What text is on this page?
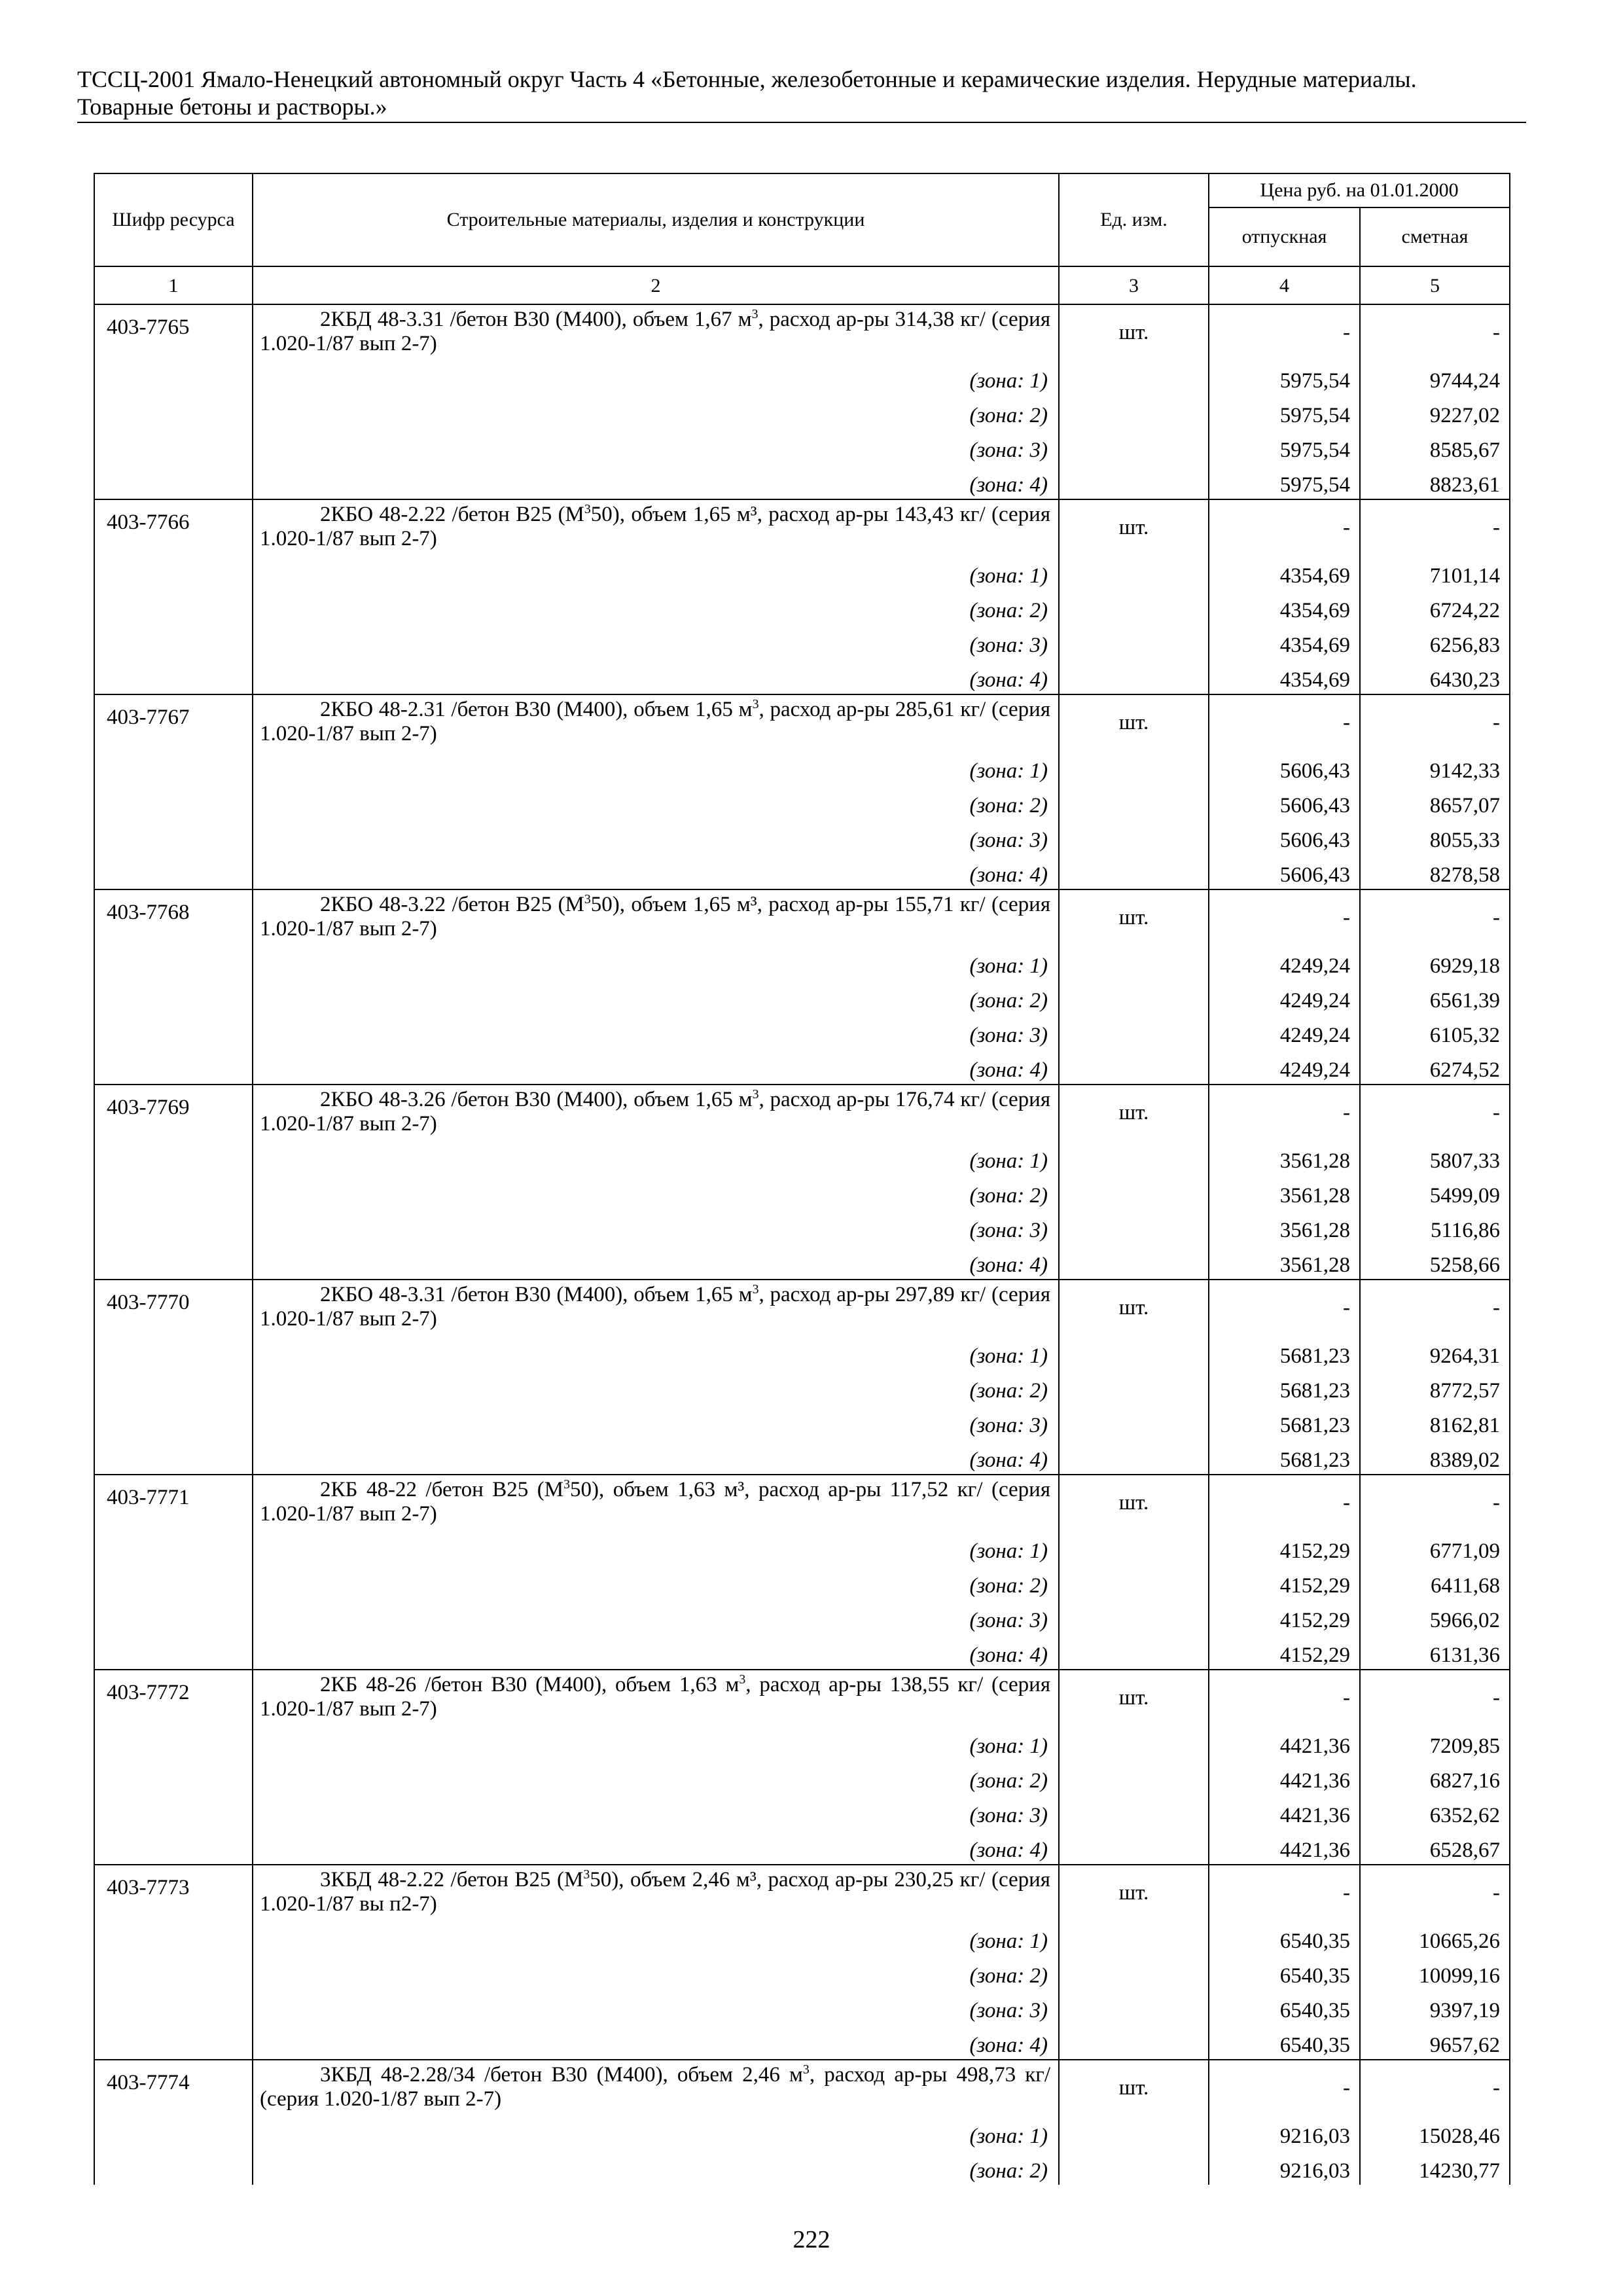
ТССЦ-2001 Ямало-Ненецкий автономный округ Часть 4 «Бетонные, железобетонные и керамические изделия. Нерудные материалы.
Товарные бетоны и растворы.»
Шифр ресурса	Строительные материалы, изделия и конструкции	Ед. изм.	Цена руб. на 01.01.2000	
			отпускная	сметная
1	2	3	4	5
403-7765	2КБД 48-3.31 /бетон В30 (М400), объем 1,67 $м^3$, расход ар-ры 314,38 кг/ (серия 1.020-1/87 вып 2-7)	шт.	-	-
	(зона: 1)		5975,54	9744,24
	(зона: 2)		5975,54	9227,02
	(зона: 3)		5975,54	8585,67
	(зона: 4)		5975,54	8823,61
403-7766	2КБО 48-2.22 /бетон В25 $(М^350)$, объем 1,65 м³, расход ар-ры 143,43 кг/ (серия 1.020-1/87 вып 2-7)	шт.	-	-
	(зона: 1)		4354,69	7101,14
	(зона: 2)		4354,69	6724,22
	(зона: 3)		4354,69	6256,83
	(зона: 4)		4354,69	6430,23
403-7767	2КБО 48-2.31 /бетон В30 (М400), объем 1,65 $м^3$, расход ар-ры 285,61 кг/ (серия 1.020-1/87 вып 2-7)	шт.	-	-
	(зона: 1)		5606,43	9142,33
	(зона: 2)		5606,43	8657,07
	(зона: 3)		5606,43	8055,33
	(зона: 4)		5606,43	8278,58
403-7768	2КБО 48-3.22 /бетон В25 $(М^350)$, объем 1,65 м³, расход ар-ры 155,71 кг/ (серия 1.020-1/87 вып 2-7)	шт.	-	-
	(зона: 1)		4249,24	6929,18
	(зона: 2)		4249,24	6561,39
	(зона: 3)		4249,24	6105,32
	(зона: 4)		4249,24	6274,52
403-7769	2КБО 48-3.26 /бетон В30 (М400), объем 1,65 $м^3$, расход ар-ры 176,74 кг/ (серия 1.020-1/87 вып 2-7)	шт.	-	-
	(зона: 1)		3561,28	5807,33
	(зона: 2)		3561,28	5499,09
	(зона: 3)		3561,28	5116,86
	(зона: 4)		3561,28	5258,66
403-7770	2КБО 48-3.31 /бетон В30 (М400), объем 1,65 $м^3$, расход ар-ры 297,89 кг/ (серия 1.020-1/87 вып 2-7)	шт.	-	-
	(зона: 1)		5681,23	9264,31
	(зона: 2)		5681,23	8772,57
	(зона: 3)		5681,23	8162,81
	(зона: 4)		5681,23	8389,02
403-7771	2КБ 48-22 /бетон В25 $(М^350)$, объем 1,63 м³, расход ар-ры 117,52 кг/ (серия 1.020-1/87 вып 2-7)	шт.	-	-
	(зона: 1)		4152,29	6771,09
	(зона: 2)		4152,29	6411,68
	(зона: 3)		4152,29	5966,02
	(зона: 4)		4152,29	6131,36
403-7772	2КБ 48-26 /бетон В30 (М400), объем 1,63 $м^3$, расход ар-ры 138,55 кг/ (серия 1.020-1/87 вып 2-7)	шт.	-	-
	(зона: 1)		4421,36	7209,85
	(зона: 2)		4421,36	6827,16
	(зона: 3)		4421,36	6352,62
	(зона: 4)		4421,36	6528,67
403-7773	3КБД 48-2.22 /бетон В25 $(М^350)$, объем 2,46 м³, расход ар-ры 230,25 кг/ (серия 1.020-1/87 вы п2-7)	шт.	-	-
	(зона: 1)		6540,35	10665,26
	(зона: 2)		6540,35	10099,16
	(зона: 3)		6540,35	9397,19
	(зона: 4)		6540,35	9657,62
403-7774	3КБД 48-2.28/34 /бетон В30 (М400), объем 2,46 $м^3$, расход ар-ры 498,73 кг/ (серия 1.020-1/87 вып 2-7)	шт.	-	-
	(зона: 1)		9216,03	15028,46
	(зона: 2)		9216,03	14230,77
222
